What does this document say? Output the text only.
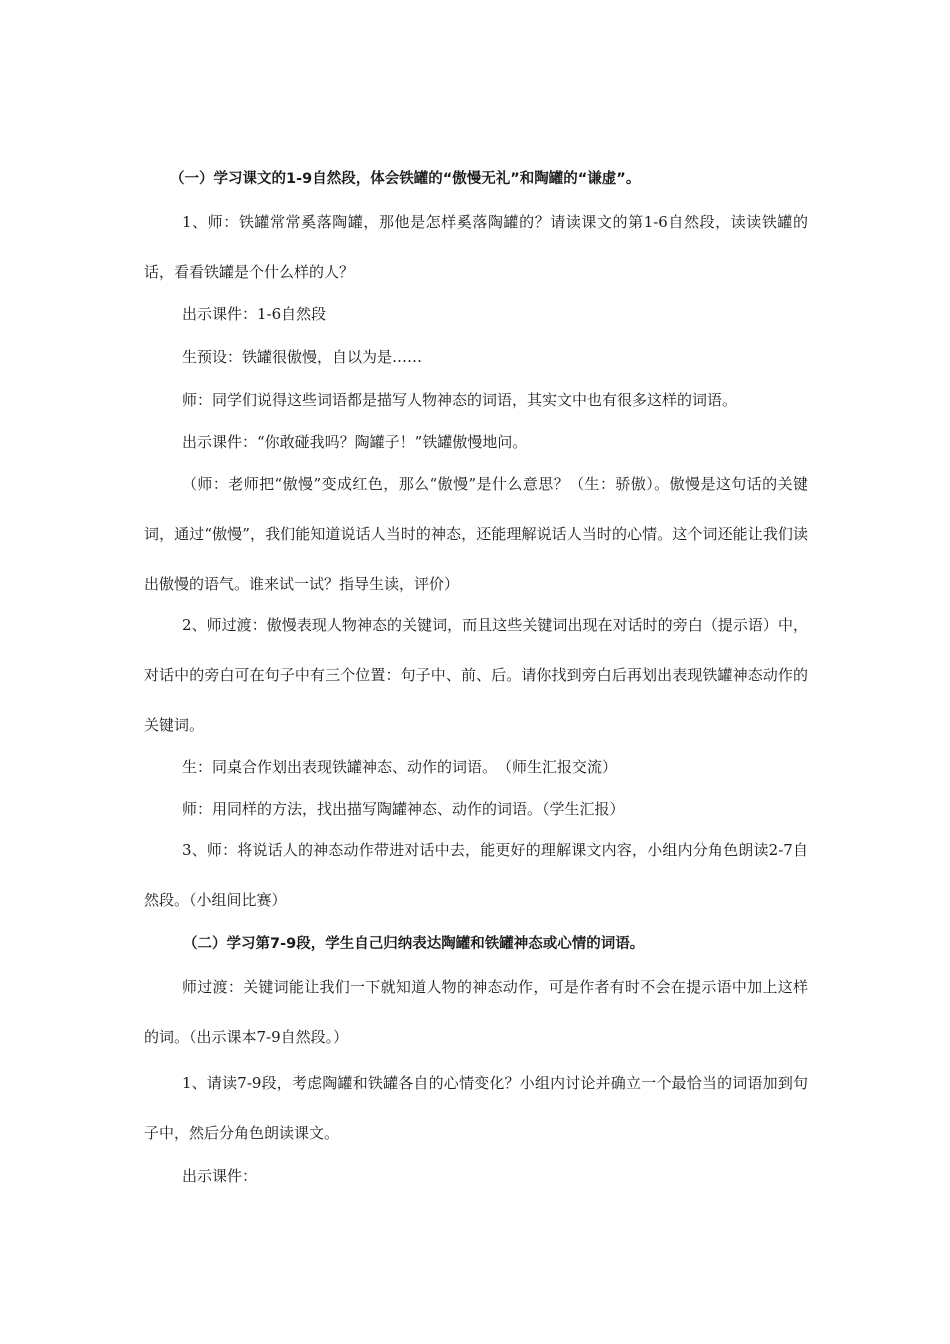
（一）学习课文的1-9自然段，体会铁罐的“傲慢无礼”和陶罐的“谦虚”。
1、师：铁罐常常奚落陶罐，那他是怎样奚落陶罐的？请读课文的第1-6自然段，读读铁罐的话，看看铁罐是个什么样的人？
出示课件：1-6自然段
生预设：铁罐很傲慢，自以为是……
师：同学们说得这些词语都是描写人物神态的词语，其实文中也有很多这样的词语。
出示课件：“你敢碰我吗？陶罐子！”铁罐傲慢地问。
（师：老师把“傲慢”变成红色，那么“傲慢”是什么意思？（生：骄傲）。傲慢是这句话的关键词，通过“傲慢”，我们能知道说话人当时的神态，还能理解说话人当时的心情。这个词还能让我们读出傲慢的语气。谁来试一试？指导生读，评价）
2、师过渡：傲慢表现人物神态的关键词，而且这些关键词出现在对话时的旁白（提示语）中，对话中的旁白可在句子中有三个位置：句子中、前、后。请你找到旁白后再划出表现铁罐神态动作的关键词。
生：同桌合作划出表现铁罐神态、动作的词语。　（师生汇报交流）
师：用同样的方法，找出描写陶罐神态、动作的词语。（学生汇报）
3、师：将说话人的神态动作带进对话中去，能更好的理解课文内容，小组内分角色朗读2-7自然段。（小组间比赛）
（二）学习第7-9段，学生自己归纳表达陶罐和铁罐神态或心情的词语。
师过渡：关键词能让我们一下就知道人物的神态动作，可是作者有时不会在提示语中加上这样的词。（出示课本7-9自然段。）
1、请读7-9段，考虑陶罐和铁罐各自的心情变化？小组内讨论并确立一个最恰当的词语加到句子中，然后分角色朗读课文。
出示课件：
